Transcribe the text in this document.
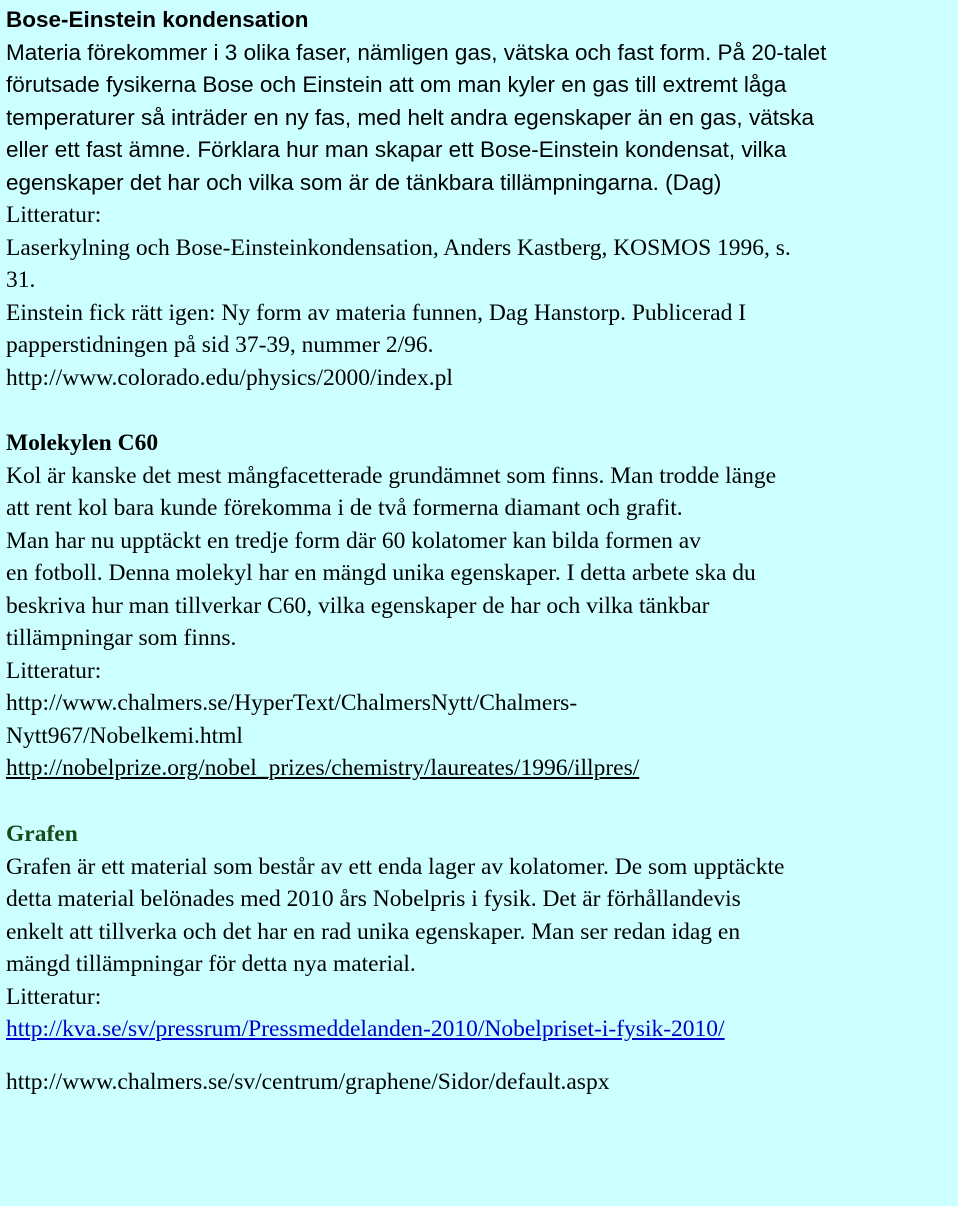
Bose-Einstein kondensation
Materia förekommer i 3 olika faser, nämligen gas, vätska och fast form. På 20-talet
förutsade fysikerna Bose och Einstein att om man kyler en gas till extremt låga
temperaturer så inträder en ny fas, med helt andra egenskaper än en gas, vätska
eller ett fast ämne. Förklara hur man skapar ett Bose-Einstein kondensat, vilka
egenskaper det har och vilka som är de tänkbara tillämpningarna. (Dag)
Litteratur:
Laserkylning och Bose-Einsteinkondensation, Anders Kastberg, KOSMOS 1996, s.
31.
Einstein fick rätt igen: Ny form av materia funnen, Dag Hanstorp. Publicerad I
papperstidningen på sid 37-39, nummer 2/96.
http://www.colorado.edu/physics/2000/index.pl
Molekylen C60
Kol är kanske det mest mångfacetterade grundämnet som finns. Man trodde länge
att rent kol bara kunde förekomma i de två formerna diamant och grafit.
Man har nu upptäckt en tredje form där 60 kolatomer kan bilda formen av
en fotboll. Denna molekyl har en mängd unika egenskaper. I detta arbete ska du
beskriva hur man tillverkar C60, vilka egenskaper de har och vilka tänkbar
tillämpningar som finns.
Litteratur:
http://www.chalmers.se/HyperText/ChalmersNytt/Chalmers-
Nytt967/Nobelkemi.html
http://nobelprize.org/nobel_prizes/chemistry/laureates/1996/illpres/
Grafen
Grafen är ett material som består av ett enda lager av kolatomer. De som upptäckte
detta material belönades med 2010 års Nobelpris i fysik. Det är förhållandevis
enkelt att tillverka och det har en rad unika egenskaper. Man ser redan idag en
mängd tillämpningar för detta nya material.
Litteratur:
http://kva.se/sv/pressrum/Pressmeddelanden-2010/Nobelpriset-i-fysik-2010/
http://www.chalmers.se/sv/centrum/graphene/Sidor/default.aspx
